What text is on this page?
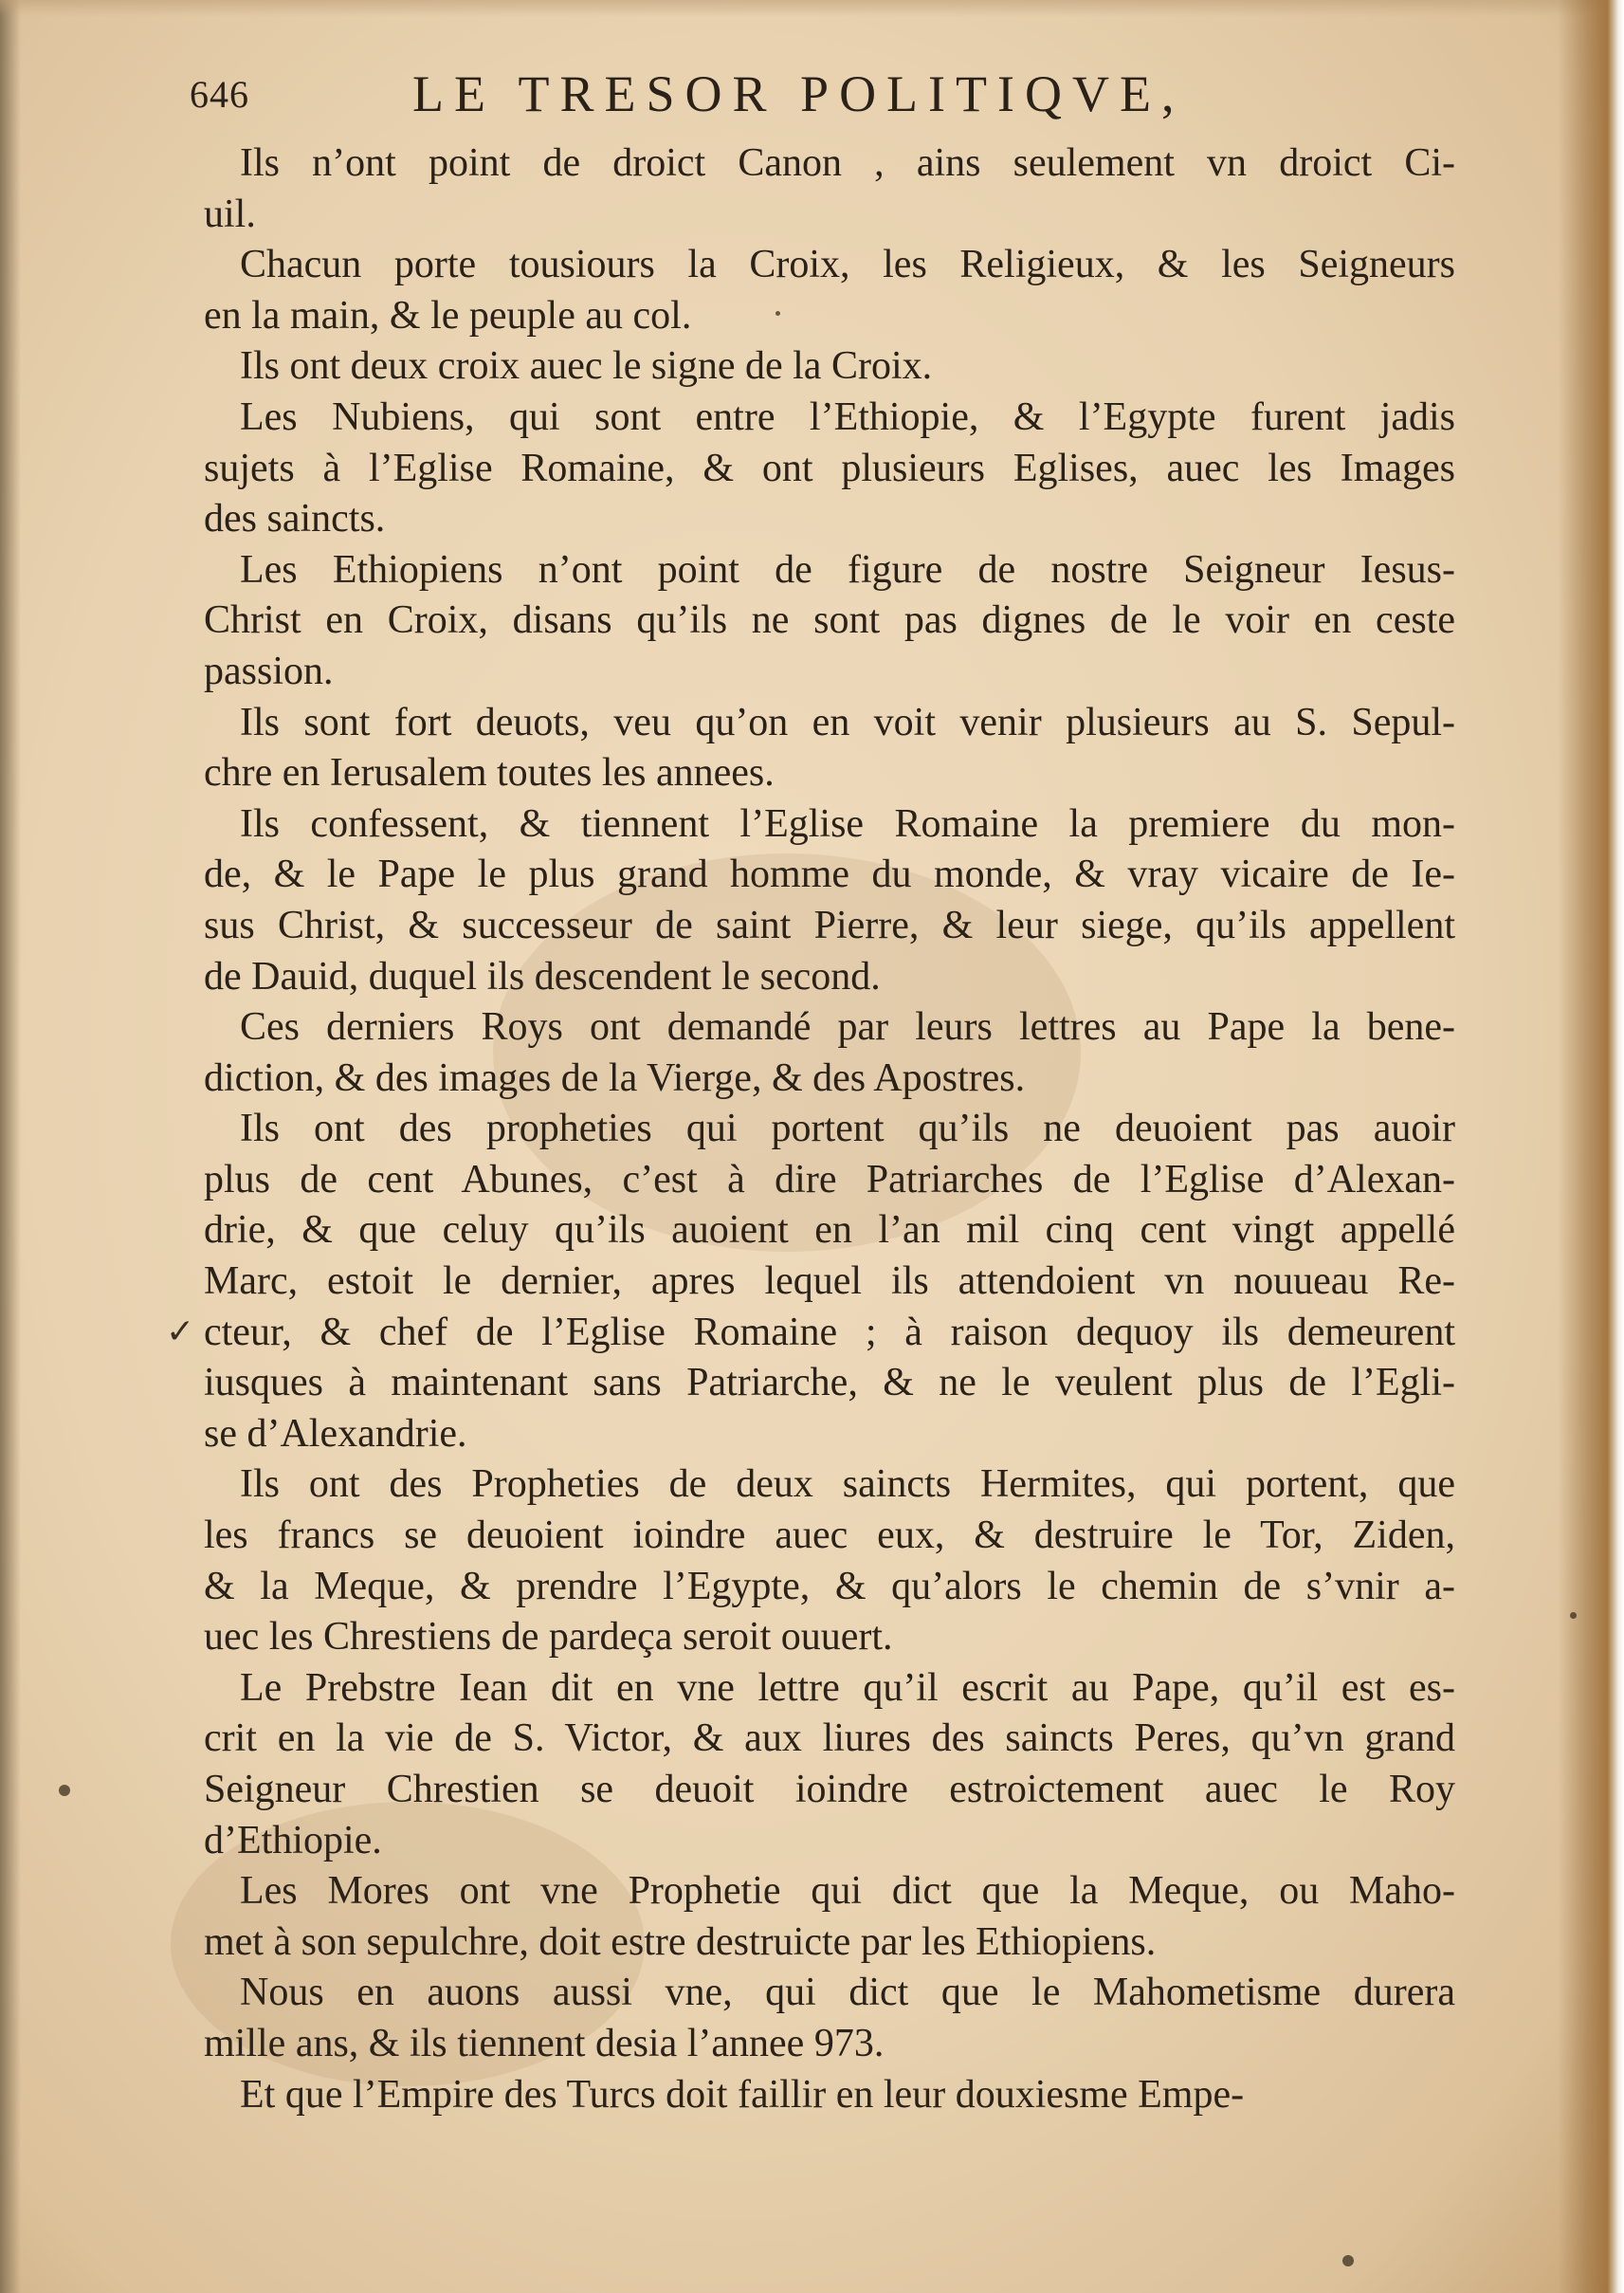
646	LE TRESOR POLITIQVE,
✓
Ils n’ont point de droict Canon , ains seulement vn droict Ci-
uil.
Chacun porte tousiours la Croix, les Religieux, & les Seigneurs
en la main, & le peuple au col.
Ils ont deux croix auec le signe de la Croix.
Les Nubiens, qui sont entre l’Ethiopie, & l’Egypte furent jadis
sujets à l’Eglise Romaine, & ont plusieurs Eglises, auec les Images
des saincts.
Les Ethiopiens n’ont point de figure de nostre Seigneur Iesus-
Christ en Croix, disans qu’ils ne sont pas dignes de le voir en ceste
passion.
Ils sont fort deuots, veu qu’on en voit venir plusieurs au S. Sepul-
chre en Ierusalem toutes les annees.
Ils confessent, & tiennent l’Eglise Romaine la premiere du mon-
de, & le Pape le plus grand homme du monde, & vray vicaire de Ie-
sus Christ, & successeur de saint Pierre, & leur siege, qu’ils appellent
de Dauid, duquel ils descendent le second.
Ces derniers Roys ont demandé par leurs lettres au Pape la bene-
diction, & des images de la Vierge, & des Apostres.
Ils ont des propheties qui portent qu’ils ne deuoient pas auoir
plus de cent Abunes, c’est à dire Patriarches de l’Eglise d’Alexan-
drie, & que celuy qu’ils auoient en l’an mil cinq cent vingt appellé
Marc, estoit le dernier, apres lequel ils attendoient vn nouueau Re-
cteur, & chef de l’Eglise Romaine ; à raison dequoy ils demeurent
iusques à maintenant sans Patriarche, & ne le veulent plus de l’Egli-
se d’Alexandrie.
Ils ont des Propheties de deux saincts Hermites, qui portent, que
les francs se deuoient ioindre auec eux, & destruire le Tor, Ziden,
& la Meque, & prendre l’Egypte, & qu’alors le chemin de s’vnir a-
uec les Chrestiens de pardeça seroit ouuert.
Le Prebstre Iean dit en vne lettre qu’il escrit au Pape, qu’il est es-
crit en la vie de S. Victor, & aux liures des saincts Peres, qu’vn grand
Seigneur Chrestien se deuoit ioindre estroictement auec le Roy
d’Ethiopie.
Les Mores ont vne Prophetie qui dict que la Meque, ou Maho-
met à son sepulchre, doit estre destruicte par les Ethiopiens.
Nous en auons aussi vne, qui dict que le Mahometisme durera
mille ans, & ils tiennent desia l’annee 973.
Et que l’Empire des Turcs doit faillir en leur douxiesme Empe-
